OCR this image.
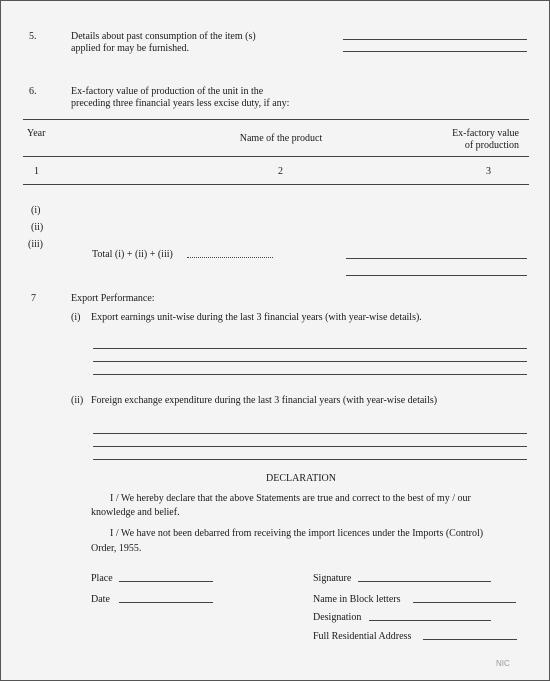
5.	Details about past consumption of the item (s)
applied for may be furnished.
6.	Ex-factory value of production of the unit in the
preceding three financial years less excise duty, if any:
Year	Name of the product	Ex-factory value
of production
1	2	3
(i)
(ii)
(iii)
Total (i) + (ii) + (iii)
7	Export Performance:
(i) Export earnings unit-wise during the last 3 financial years (with year-wise details).
(ii) Foreign exchange expenditure during the last 3 financial years (with year-wise details)
DECLARATION
I / We hereby declare that the above Statements are true and correct to the best of my / our
knowledge and belief.
I / We have not been debarred from receiving the import licences under the Imports (Control)
Order, 1955.
Place
Date
Signature
Name in Block letters
Designation
Full Residential Address
NIC
